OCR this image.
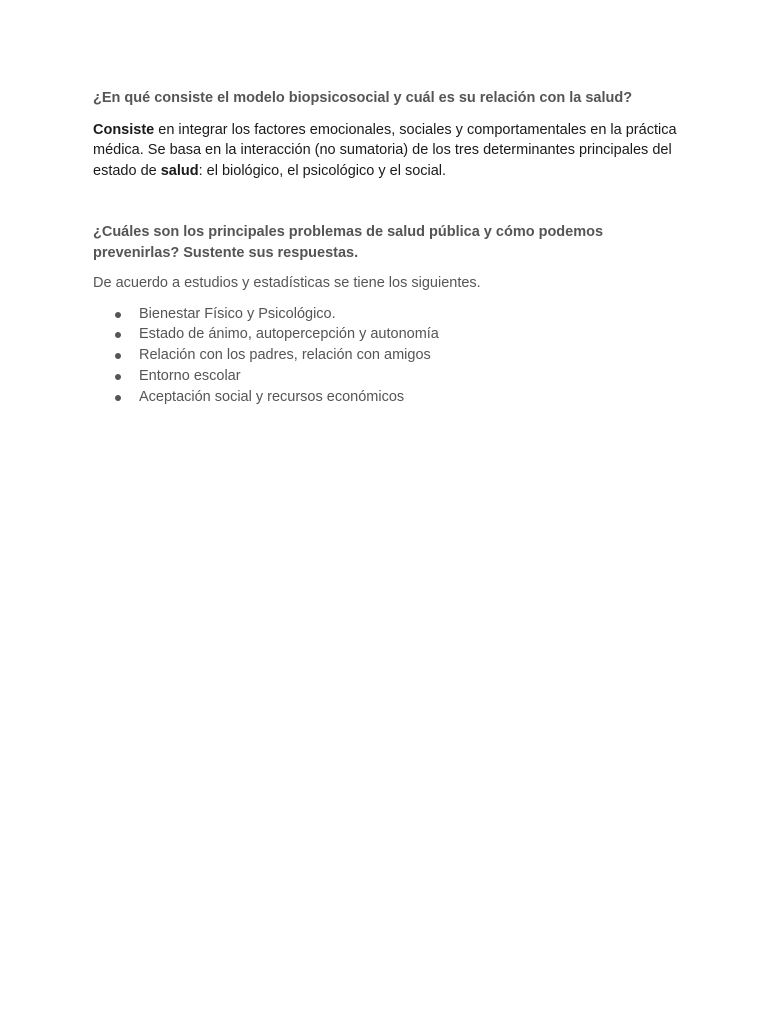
¿En qué consiste el modelo biopsicosocial y cuál es su relación con la salud?

Consiste en integrar los factores emocionales, sociales y comportamentales en la práctica médica. Se basa en la interacción (no sumatoria) de los tres determinantes principales del estado de salud: el biológico, el psicológico y el social.

¿Cuáles son los principales problemas de salud pública y cómo podemos prevenirlas? Sustente sus respuestas.

De acuerdo a estudios y estadísticas se tiene los siguientes.

Bienestar Físico y Psicológico.
Estado de ánimo, autopercepción y autonomía
Relación con los padres, relación con amigos
Entorno escolar
Aceptación social y recursos económicos
